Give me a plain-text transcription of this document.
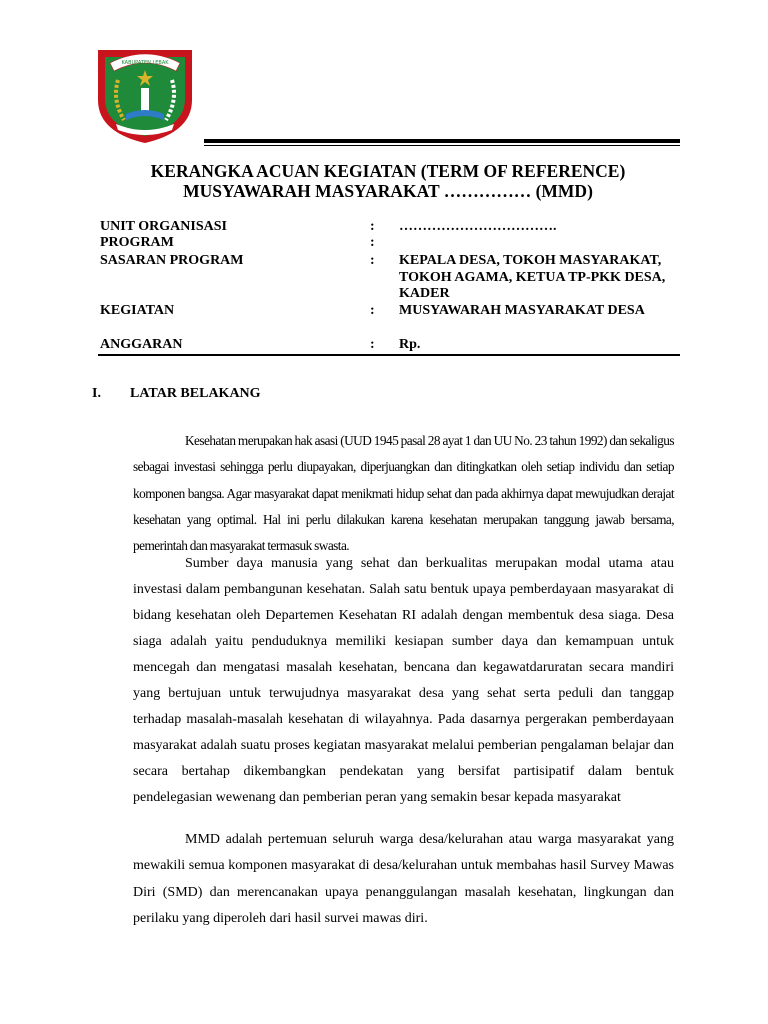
KABUPATEN LEBAK
KERANGKA ACUAN KEGIATAN (TERM OF REFERENCE)
MUSYAWARAH MASYARAKAT …………… (MMD)
UNIT ORGANISASI	: …………………………….
PROGRAM	:
SASARAN PROGRAM	: KEPALA DESA, TOKOH MASYARAKAT, TOKOH AGAMA, KETUA TP-PKK DESA, KADER
KEGIATAN	: MUSYAWARAH MASYARAKAT DESA
ANGGARAN	: Rp.
I. LATAR BELAKANG
Kesehatan merupakan hak asasi (UUD 1945 pasal 28 ayat 1 dan UU No. 23 tahun 1992) dan sekaligus sebagai investasi sehingga perlu diupayakan, diperjuangkan dan ditingkatkan oleh setiap individu dan setiap komponen bangsa. Agar masyarakat dapat menikmati hidup sehat dan pada akhirnya dapat mewujudkan derajat kesehatan yang optimal. Hal ini perlu dilakukan karena kesehatan merupakan tanggung jawab bersama, pemerintah dan masyarakat termasuk swasta.
Sumber daya manusia yang sehat dan berkualitas merupakan modal utama atau investasi dalam pembangunan kesehatan. Salah satu bentuk upaya pemberdayaan masyarakat di bidang kesehatan oleh Departemen Kesehatan RI adalah dengan membentuk desa siaga. Desa siaga adalah yaitu penduduknya memiliki kesiapan sumber daya dan kemampuan untuk mencegah dan mengatasi masalah kesehatan, bencana dan kegawatdaruratan secara mandiri yang bertujuan untuk terwujudnya masyarakat desa yang sehat serta peduli dan tanggap terhadap masalah-masalah kesehatan di wilayahnya. Pada dasarnya pergerakan pemberdayaan masyarakat adalah suatu proses kegiatan masyarakat melalui pemberian pengalaman belajar dan secara bertahap dikembangkan pendekatan yang bersifat partisipatif dalam bentuk pendelegasian wewenang dan pemberian peran yang semakin besar kepada masyarakat
MMD adalah pertemuan seluruh warga desa/kelurahan atau warga masyarakat yang mewakili semua komponen masyarakat di desa/kelurahan untuk membahas hasil Survey Mawas Diri (SMD) dan merencanakan upaya penanggulangan masalah kesehatan, lingkungan dan perilaku yang diperoleh dari hasil survei mawas diri.
